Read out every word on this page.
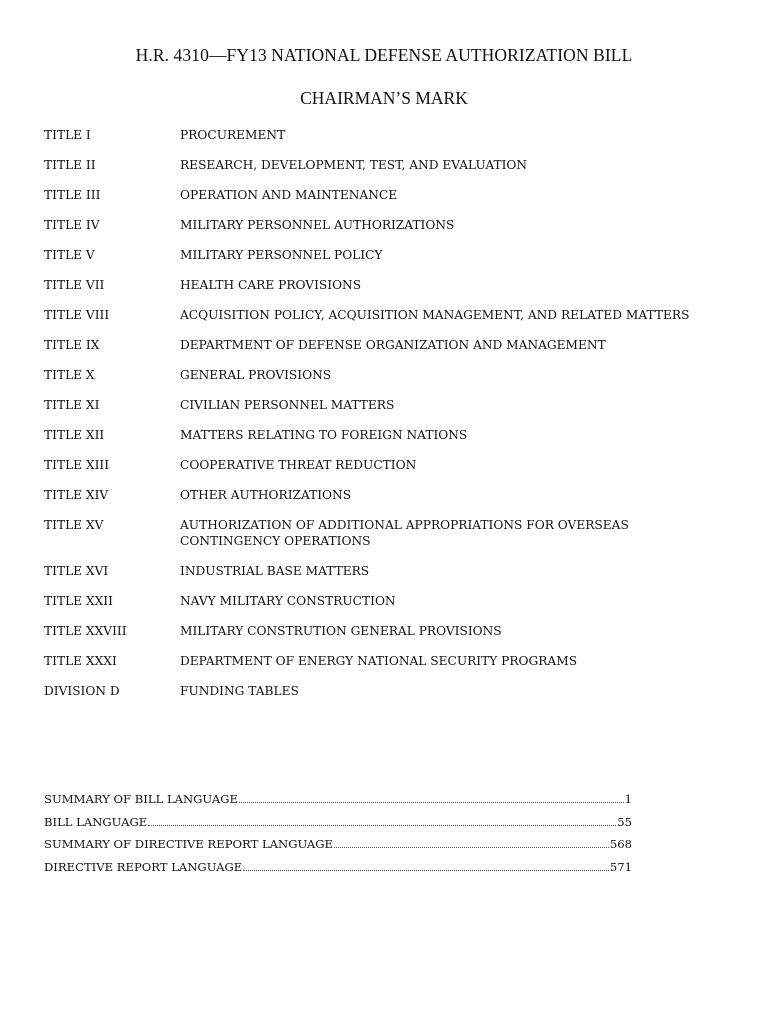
H.R. 4310—FY13 NATIONAL DEFENSE AUTHORIZATION BILL
CHAIRMAN’S MARK
TITLE I	PROCUREMENT
TITLE II	RESEARCH, DEVELOPMENT, TEST, AND EVALUATION
TITLE III	OPERATION AND MAINTENANCE
TITLE IV	MILITARY PERSONNEL AUTHORIZATIONS
TITLE V	MILITARY PERSONNEL POLICY
TITLE VII	HEALTH CARE PROVISIONS
TITLE VIII	ACQUISITION POLICY, ACQUISITION MANAGEMENT, AND RELATED MATTERS
TITLE IX	DEPARTMENT OF DEFENSE ORGANIZATION AND MANAGEMENT
TITLE X	GENERAL PROVISIONS
TITLE XI	CIVILIAN PERSONNEL MATTERS
TITLE XII	MATTERS RELATING TO FOREIGN NATIONS
TITLE XIII	COOPERATIVE THREAT REDUCTION
TITLE XIV	OTHER AUTHORIZATIONS
TITLE XV	AUTHORIZATION OF ADDITIONAL APPROPRIATIONS FOR OVERSEAS CONTINGENCY OPERATIONS
TITLE XVI	INDUSTRIAL BASE MATTERS
TITLE XXII	NAVY MILITARY CONSTRUCTION
TITLE XXVIII	MILITARY CONSTRUTION GENERAL PROVISIONS
TITLE XXXI	DEPARTMENT OF ENERGY NATIONAL SECURITY PROGRAMS
DIVISION D	FUNDING TABLES
SUMMARY OF BILL LANGUAGE	1
BILL LANGUAGE	55
SUMMARY OF DIRECTIVE REPORT LANGUAGE	568
DIRECTIVE REPORT LANGUAGE	571
